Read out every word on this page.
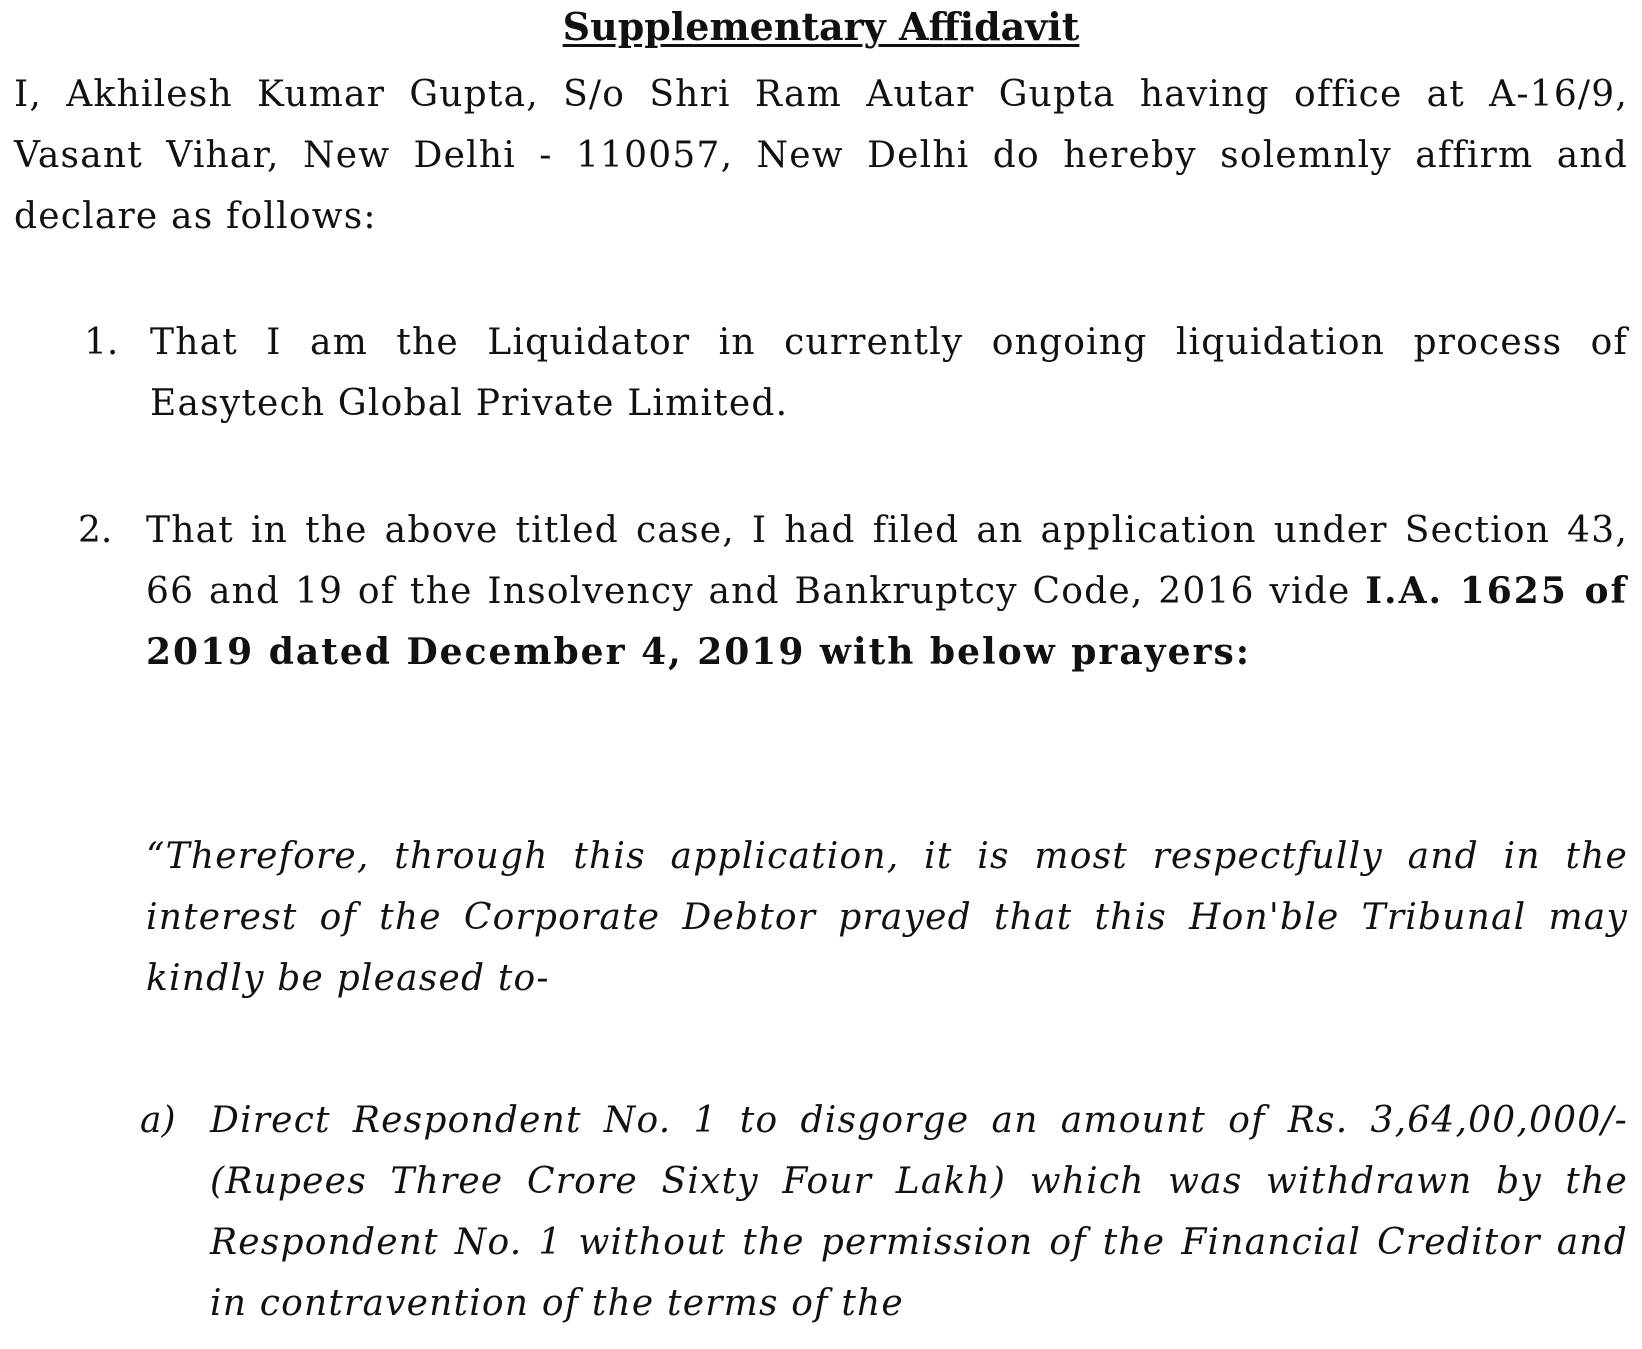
Supplementary Affidavit
I, Akhilesh Kumar Gupta, S/o Shri Ram Autar Gupta having office at A-16/9, Vasant Vihar, New Delhi - 110057, New Delhi do hereby solemnly affirm and declare as follows:
1. That I am the Liquidator in currently ongoing liquidation process of Easytech Global Private Limited.
2. That in the above titled case, I had filed an application under Section 43, 66 and 19 of the Insolvency and Bankruptcy Code, 2016 vide I.A. 1625 of 2019 dated December 4, 2019 with below prayers:
“Therefore, through this application, it is most respectfully and in the interest of the Corporate Debtor prayed that this Hon'ble Tribunal may kindly be pleased to-
a) Direct Respondent No. 1 to disgorge an amount of Rs. 3,64,00,000/- (Rupees Three Crore Sixty Four Lakh) which was withdrawn by the Respondent No. 1 without the permission of the Financial Creditor and in contravention of the terms of the
